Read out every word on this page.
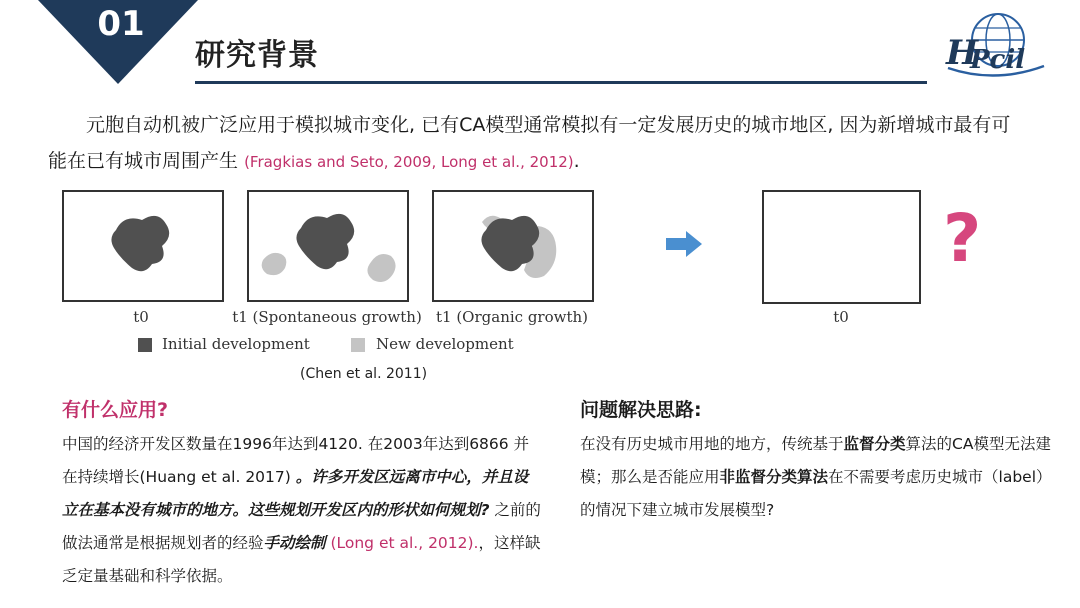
01
研究背景	H
Pcil
元胞自动机被广泛应用于模拟城市变化, 已有CA模型通常模拟有一定发展历史的城市地区, 因为新增城市最有可能在已有城市周围产生 (Fragkias and Seto, 2009, Long et al., 2012).
?
t0	t1 (Spontaneous growth) t1 (Organic growth)	t0
Initial development	New development
(Chen et al. 2011)
有什么应用?
中国的经济开发区数量在1996年达到4120. 在2003年达到6866 并在持续增长(Huang et al. 2017) 。许多开发区远离市中心，并且设立在基本没有城市的地方。这些规划开发区内的形状如何规划? 之前的做法通常是根据规划者的经验手动绘制 (Long et al., 2012).，这样缺乏定量基础和科学依据。
问题解决思路:
在没有历史城市用地的地方，传统基于监督分类算法的CA模型无法建模；那么是否能应用非监督分类算法在不需要考虑历史城市（label）的情况下建立城市发展模型?
